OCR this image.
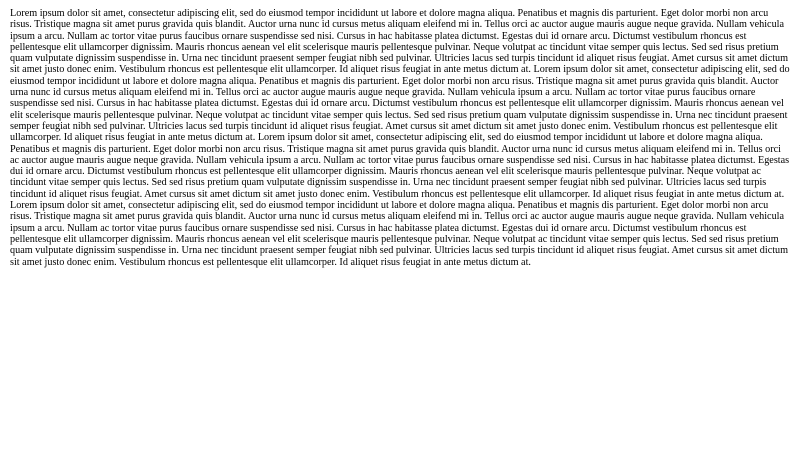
Lorem ipsum dolor sit amet, consectetur adipiscing elit, sed do eiusmod tempor incididunt ut labore et dolore magna aliqua. Penatibus et magnis dis parturient. Eget dolor morbi non arcu risus. Tristique magna sit amet purus gravida quis blandit. Auctor urna nunc id cursus metus aliquam eleifend mi in. Tellus orci ac auctor augue mauris augue neque gravida. Nullam vehicula ipsum a arcu. Nullam ac tortor vitae purus faucibus ornare suspendisse sed nisi. Cursus in hac habitasse platea dictumst. Egestas dui id ornare arcu. Dictumst vestibulum rhoncus est pellentesque elit ullamcorper dignissim. Mauris rhoncus aenean vel elit scelerisque mauris pellentesque pulvinar. Neque volutpat ac tincidunt vitae semper quis lectus. Sed sed risus pretium quam vulputate dignissim suspendisse in. Urna nec tincidunt praesent semper feugiat nibh sed pulvinar. Ultricies lacus sed turpis tincidunt id aliquet risus feugiat. Amet cursus sit amet dictum sit amet justo donec enim. Vestibulum rhoncus est pellentesque elit ullamcorper. Id aliquet risus feugiat in ante metus dictum at. Lorem ipsum dolor sit amet, consectetur adipiscing elit, sed do eiusmod tempor incididunt ut labore et dolore magna aliqua. Penatibus et magnis dis parturient. Eget dolor morbi non arcu risus. Tristique magna sit amet purus gravida quis blandit. Auctor urna nunc id cursus metus aliquam eleifend mi in. Tellus orci ac auctor augue mauris augue neque gravida. Nullam vehicula ipsum a arcu. Nullam ac tortor vitae purus faucibus ornare suspendisse sed nisi. Cursus in hac habitasse platea dictumst. Egestas dui id ornare arcu. Dictumst vestibulum rhoncus est pellentesque elit ullamcorper dignissim. Mauris rhoncus aenean vel elit scelerisque mauris pellentesque pulvinar. Neque volutpat ac tincidunt vitae semper quis lectus. Sed sed risus pretium quam vulputate dignissim suspendisse in. Urna nec tincidunt praesent semper feugiat nibh sed pulvinar. Ultricies lacus sed turpis tincidunt id aliquet risus feugiat. Amet cursus sit amet dictum sit amet justo donec enim. Vestibulum rhoncus est pellentesque elit ullamcorper. Id aliquet risus feugiat in ante metus dictum at. Lorem ipsum dolor sit amet, consectetur adipiscing elit, sed do eiusmod tempor incididunt ut labore et dolore magna aliqua. Penatibus et magnis dis parturient. Eget dolor morbi non arcu risus. Tristique magna sit amet purus gravida quis blandit. Auctor urna nunc id cursus metus aliquam eleifend mi in. Tellus orci ac auctor augue mauris augue neque gravida. Nullam vehicula ipsum a arcu. Nullam ac tortor vitae purus faucibus ornare suspendisse sed nisi. Cursus in hac habitasse platea dictumst. Egestas dui id ornare arcu. Dictumst vestibulum rhoncus est pellentesque elit ullamcorper dignissim. Mauris rhoncus aenean vel elit scelerisque mauris pellentesque pulvinar. Neque volutpat ac tincidunt vitae semper quis lectus. Sed sed risus pretium quam vulputate dignissim suspendisse in. Urna nec tincidunt praesent semper feugiat nibh sed pulvinar. Ultricies lacus sed turpis tincidunt id aliquet risus feugiat. Amet cursus sit amet dictum sit amet justo donec enim. Vestibulum rhoncus est pellentesque elit ullamcorper. Id aliquet risus feugiat in ante metus dictum at. Lorem ipsum dolor sit amet, consectetur adipiscing elit, sed do eiusmod tempor incididunt ut labore et dolore magna aliqua. Penatibus et magnis dis parturient. Eget dolor morbi non arcu risus. Tristique magna sit amet purus gravida quis blandit. Auctor urna nunc id cursus metus aliquam eleifend mi in. Tellus orci ac auctor augue mauris augue neque gravida. Nullam vehicula ipsum a arcu. Nullam ac tortor vitae purus faucibus ornare suspendisse sed nisi. Cursus in hac habitasse platea dictumst. Egestas dui id ornare arcu. Dictumst vestibulum rhoncus est pellentesque elit ullamcorper dignissim. Mauris rhoncus aenean vel elit scelerisque mauris pellentesque pulvinar. Neque volutpat ac tincidunt vitae semper quis lectus. Sed sed risus pretium quam vulputate dignissim suspendisse in. Urna nec tincidunt praesent semper feugiat nibh sed pulvinar. Ultricies lacus sed turpis tincidunt id aliquet risus feugiat. Amet cursus sit amet dictum sit amet justo donec enim. Vestibulum rhoncus est pellentesque elit ullamcorper. Id aliquet risus feugiat in ante metus dictum at.
